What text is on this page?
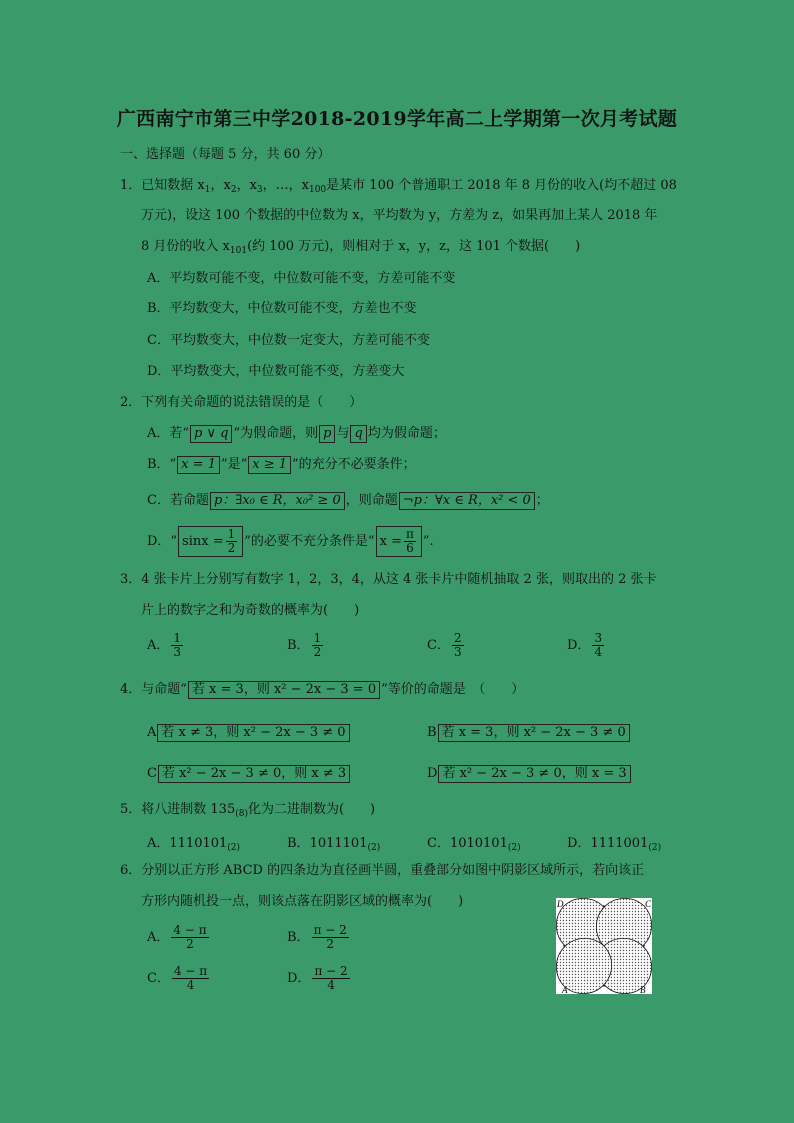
广西南宁市第三中学2018-2019学年高二上学期第一次月考试题
一、选择题（每题 5 分，共 60 分）
1．已知数据 $x_1$，$x_2$，$x_3$，…，$x_{100}$是某市 100 个普通职工 2018 年 8 月份的收入(均不超过 08
万元)，设这 100 个数据的中位数为 x，平均数为 y，方差为 z，如果再加上某人 2018 年
8 月份的收入 $x_{101}$(约 100 万元)，则相对于 x，y，z，这 101 个数据(　　)
A．平均数可能不变，中位数可能不变，方差可能不变
B．平均数变大，中位数可能不变，方差也不变
C．平均数变大，中位数一定变大，方差可能不变
D．平均数变大，中位数可能不变，方差变大
2．下列有关命题的说法错误的是（　　）
A．若“ p ∨ q ”为假命题，则 p 与 q 均为假命题；
B．“ x = 1 ”是“ x ≥ 1 ”的充分不必要条件；
C．若命题 p：∃x₀ ∈ R，x₀² ≥ 0 ，则命题 ¬p：∀x ∈ R，x² < 0 ；
D．“ $\sin x = \frac{1}{2}$ ”的必要不充分条件是“ $x = \frac{\pi}{6}$ ”.
3．4 张卡片上分别写有数字 1，2，3，4，从这 4 张卡片中随机抽取 2 张，则取出的 2 张卡
片上的数字之和为奇数的概率为(　　)
A． $\frac{1}{3}$	B． $\frac{1}{2}$	C． $\frac{2}{3}$	D． $\frac{3}{4}$
4．与命题“ 若 x = 3，则 x² − 2x − 3 = 0 ”等价的命题是　（　　）
A 若 x ≠ 3，则 x² − 2x − 3 ≠ 0	B 若 x = 3，则 x² − 2x − 3 ≠ 0
C 若 x² − 2x − 3 ≠ 0，则 x ≠ 3	D 若 x² − 2x − 3 ≠ 0，则 x = 3
5．将八进制数 $135_{(8)}$化为二进制数为(　　)
A．$1110101_{(2)}$	B．$1011101_{(2)}$	C．$1010101_{(2)}$	D．$1111001_{(2)}$
6．分别以正方形 ABCD 的四条边为直径画半圆，重叠部分如图中阴影区域所示，若向该正
方形内随机投一点，则该点落在阴影区域的概率为(　　)
A． $\frac{4 - \pi}{2}$	B． $\frac{\pi - 2}{2}$
C． $\frac{4 - \pi}{4}$	D． $\frac{\pi - 2}{4}$
D	C
A	B
